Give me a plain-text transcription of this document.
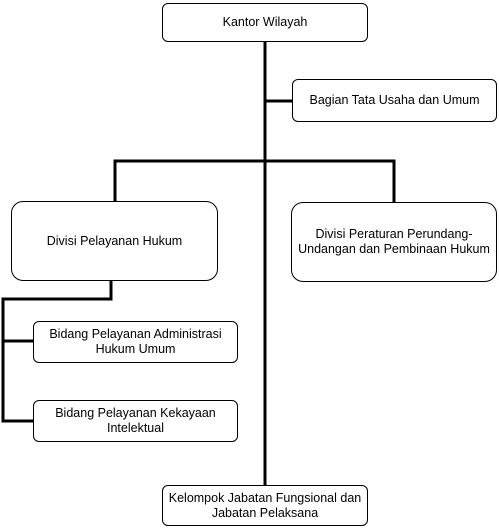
Kantor Wilayah
Bagian Tata Usaha dan Umum
Divisi Pelayanan Hukum	Divisi Peraturan Perundang-Undangan dan Pembinaan Hukum
Bidang Pelayanan Administrasi Hukum Umum
Bidang Pelayanan Kekayaan Intelektual
Kelompok Jabatan Fungsional dan Jabatan Pelaksana
